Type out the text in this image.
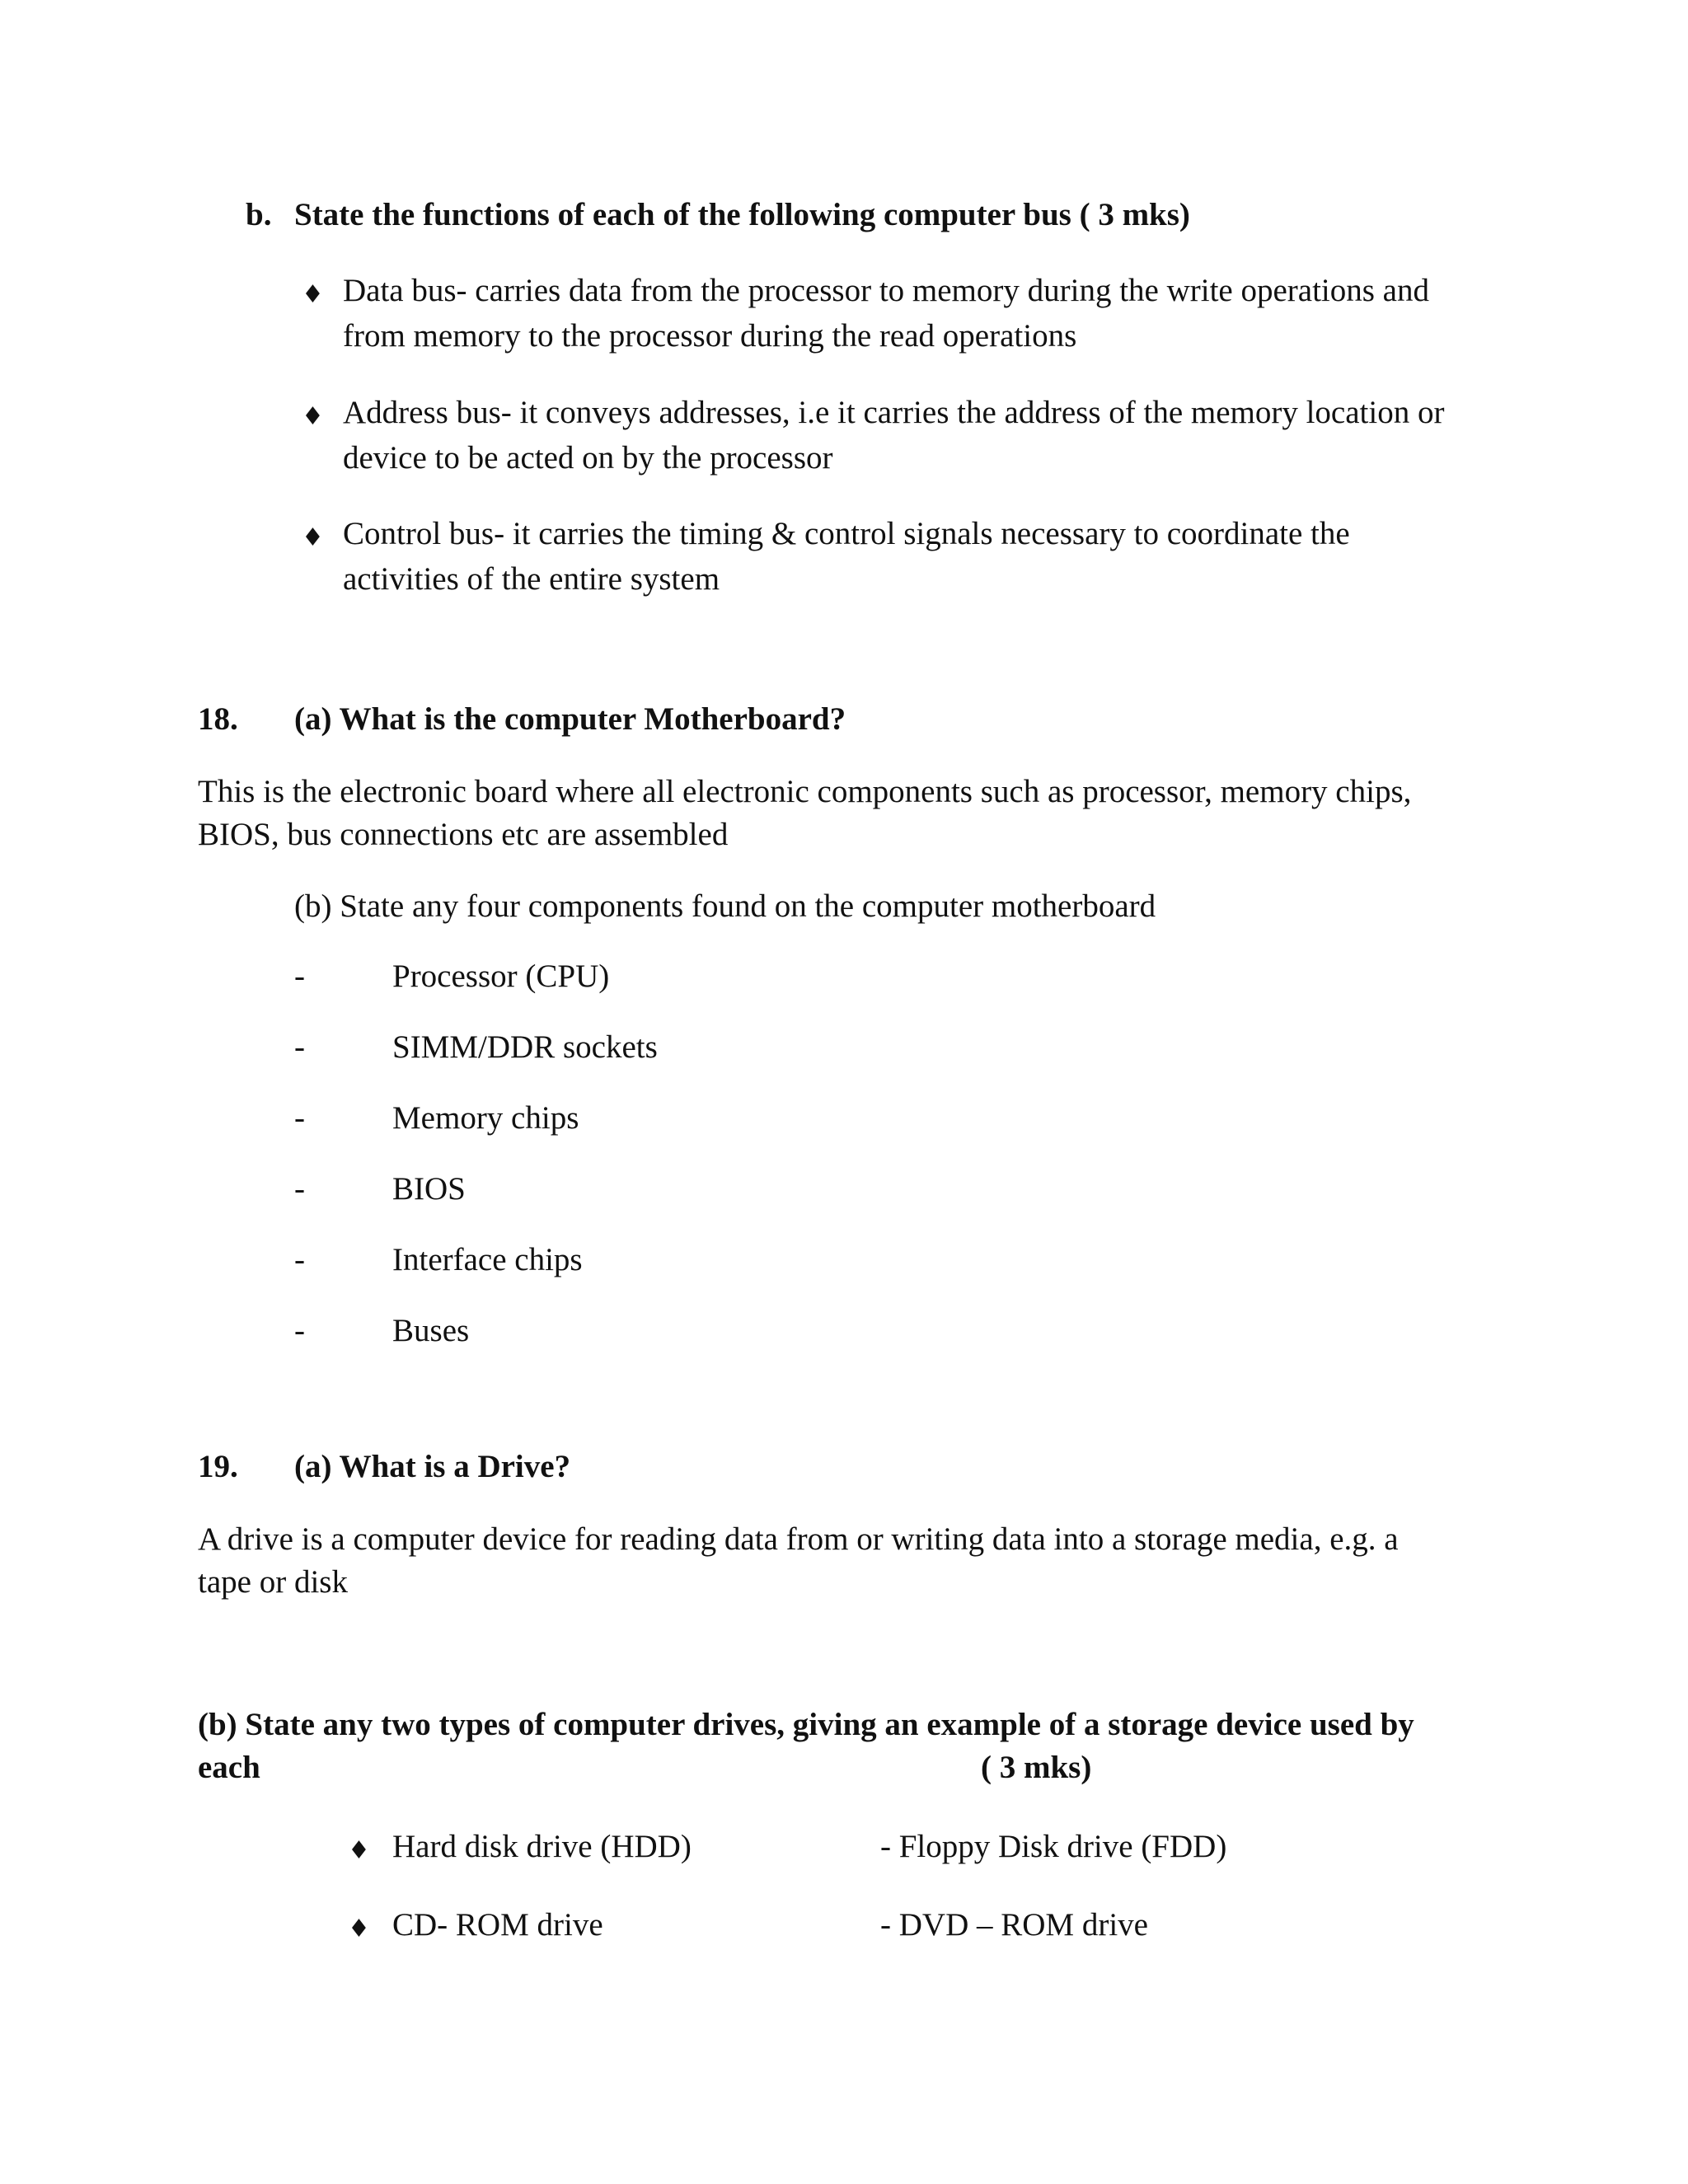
b. State the functions of each of the following computer bus ( 3 mks)
♦ Data bus- carries data from the processor to memory during the write operations and
from memory to the processor during the read operations
♦ Address bus- it conveys addresses, i.e it carries the address of the memory location or
device to be acted on by the processor
♦ Control bus- it carries the timing & control signals necessary to coordinate the
activities of the entire system
18. (a) What is the computer Motherboard?
This is the electronic board where all electronic components such as processor, memory chips,
BIOS, bus connections etc are assembled
(b) State any four components found on the computer motherboard
-	Processor (CPU)
-	SIMM/DDR sockets
-	Memory chips
-	BIOS
-	Interface chips
-	Buses
19. (a) What is a Drive?
A drive is a computer device for reading data from or writing data into a storage media, e.g. a
tape or disk
(b) State any two types of computer drives, giving an example of a storage device used by
each	( 3 mks)
♦ Hard disk drive (HDD)	- Floppy Disk drive (FDD)
♦ CD- ROM drive	- DVD – ROM drive
